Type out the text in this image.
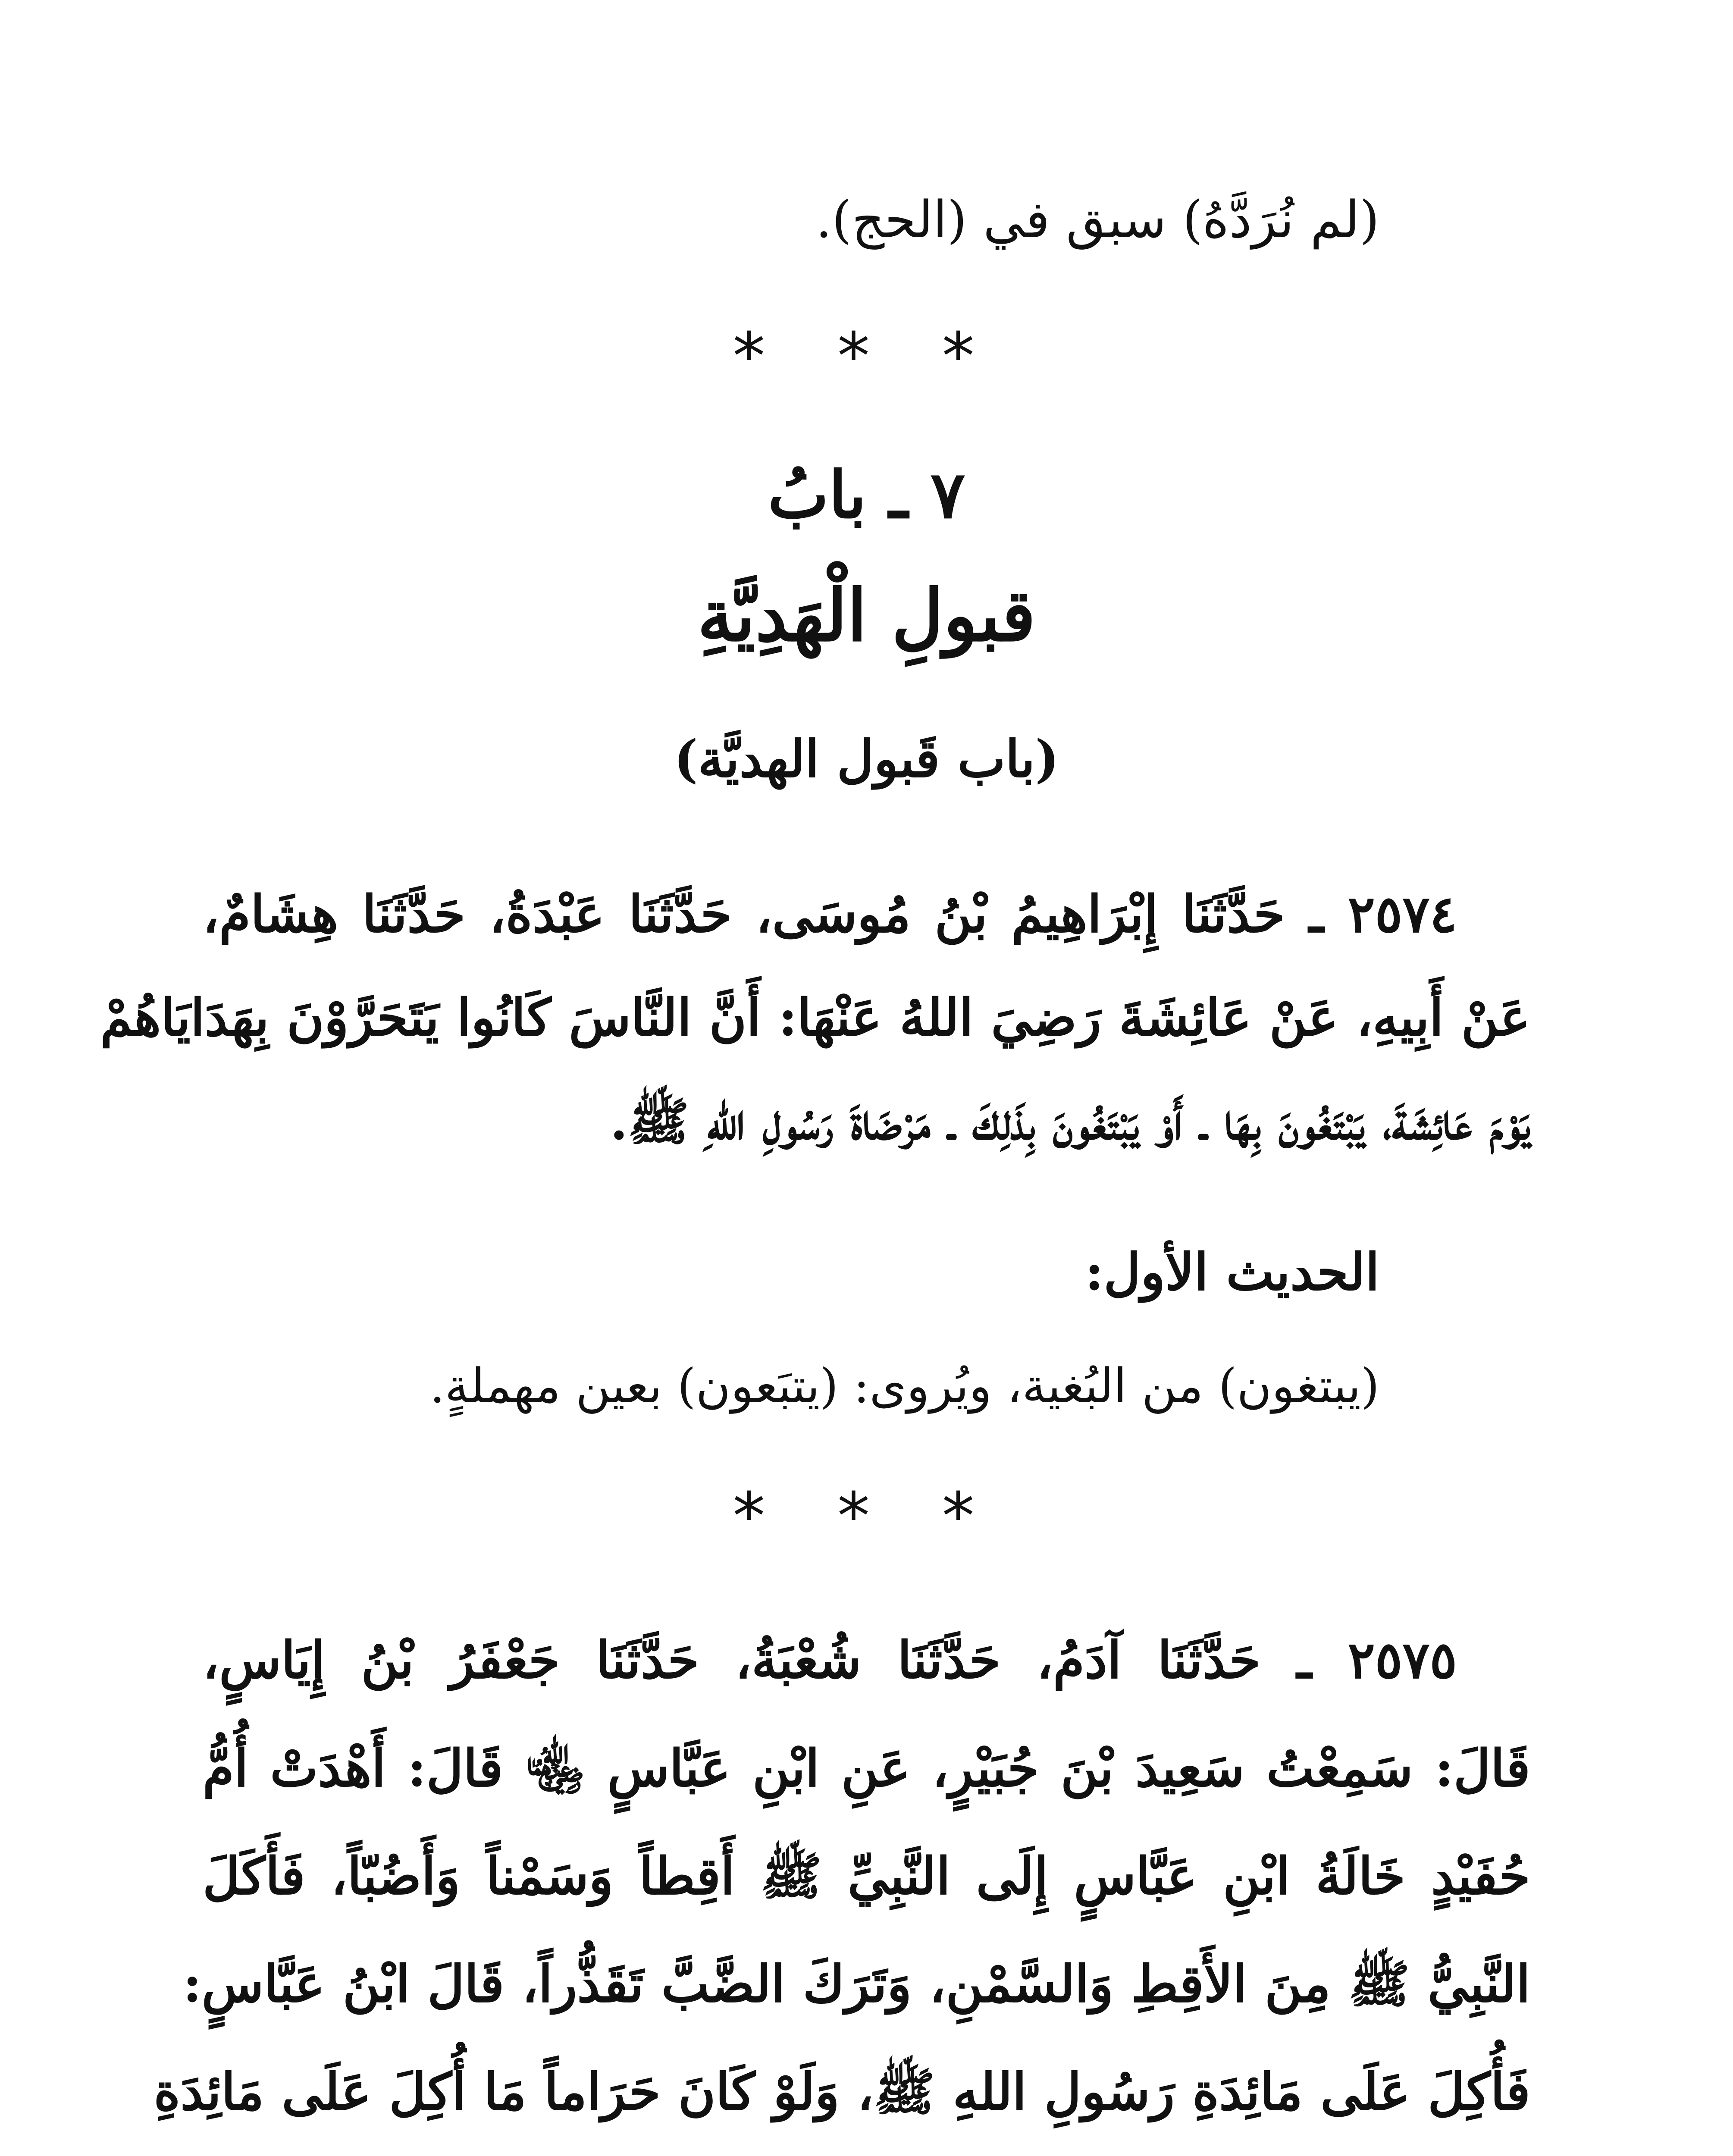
(لم نُرَدَّهُ) سبق في (الحج).
* * *
٧ ـ بابُ
قبولِ الْهَدِيَّةِ
(باب قَبول الهديَّة)
٢٥٧٤ ـ حَدَّثَنَا إِبْرَاهِيمُ بْنُ مُوسَى، حَدَّثَنَا عَبْدَةُ، حَدَّثَنَا هِشَامٌ،
عَنْ أَبِيهِ، عَنْ عَائِشَةَ رَضِيَ اللهُ عَنْهَا: أَنَّ النَّاسَ كَانُوا يَتَحَرَّوْنَ بِهَدَايَاهُمْ
يَوْمَ عَائِشَةَ، يَبْتَغُونَ بِهَا ـ أَوْ يَبْتَغُونَ بِذَلِكَ ـ مَرْضَاةَ رَسُولِ اللهِ ﷺ.
الحديث الأول:
(يبتغون) من البُغية، ويُروى: (يتبَعون) بعين مهملةٍ.
* * *
٢٥٧٥ ـ حَدَّثَنَا آدَمُ، حَدَّثَنَا شُعْبَةُ، حَدَّثَنَا جَعْفَرُ بْنُ إِيَاسٍ،
قَالَ: سَمِعْتُ سَعِيدَ بْنَ جُبَيْرٍ، عَنِ ابْنِ عَبَّاسٍ ﵄ قَالَ: أَهْدَتْ أُمُّ
حُفَيْدٍ خَالَةُ ابْنِ عَبَّاسٍ إِلَى النَّبِيِّ ﷺ أَقِطاً وَسَمْناً وَأَضُبّاً، فَأَكَلَ
النَّبِيُّ ﷺ مِنَ الأَقِطِ وَالسَّمْنِ، وَتَرَكَ الضَّبَّ تَقَذُّراً، قَالَ ابْنُ عَبَّاسٍ:
فَأُكِلَ عَلَى مَائِدَةِ رَسُولِ اللهِ ﷺ، وَلَوْ كَانَ حَرَاماً مَا أُكِلَ عَلَى مَائِدَةِ
